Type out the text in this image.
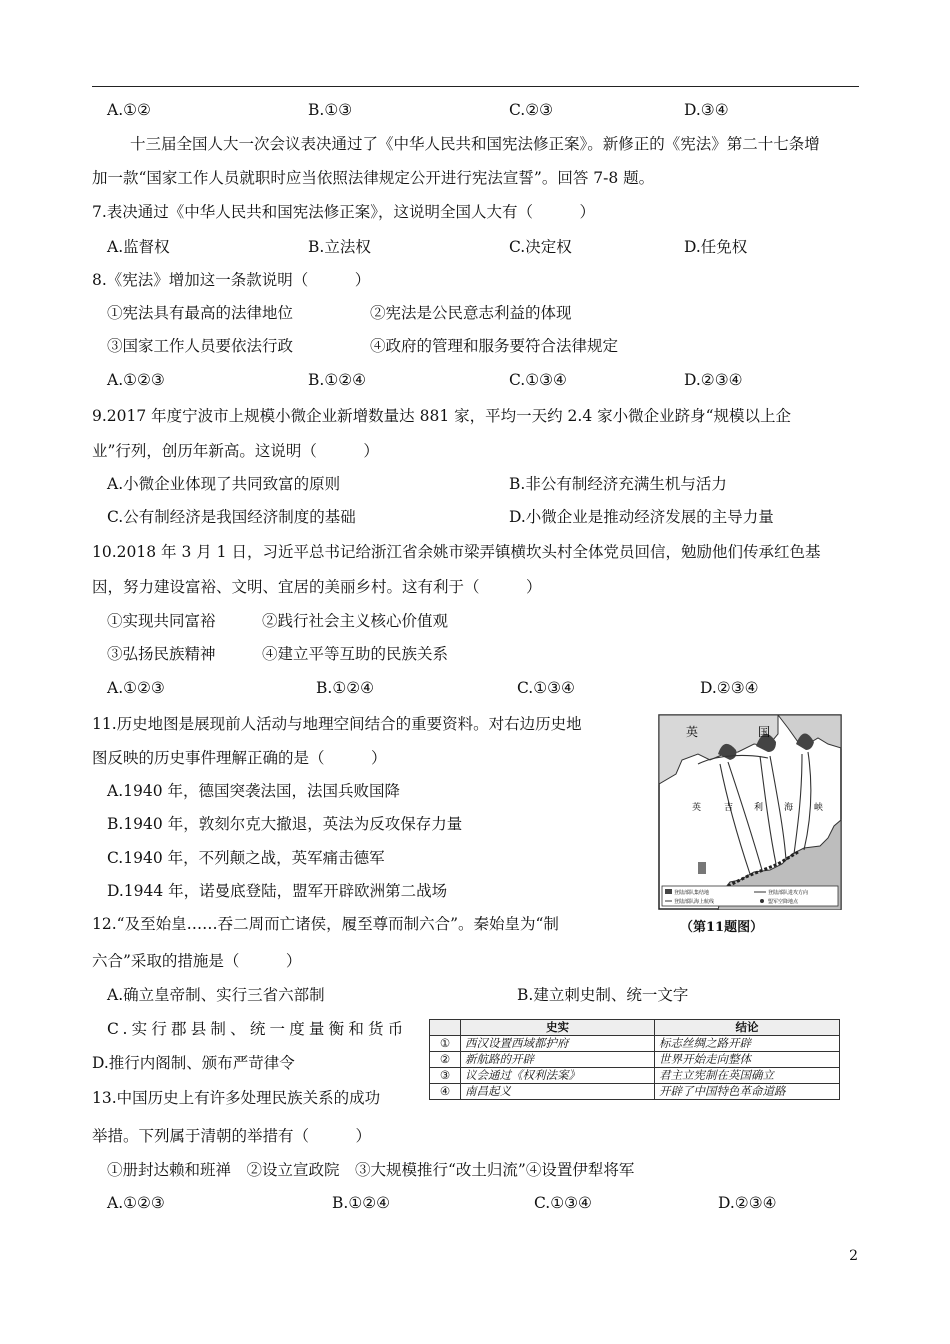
A.①②	B.①③	C.②③	D.③④
十三届全国人大一次会议表决通过了《中华人民共和国宪法修正案》。新修正的《宪法》第二十七条增
加一款“国家工作人员就职时应当依照法律规定公开进行宪法宣誓”。回答 7-8 题。
7.表决通过《中华人民共和国宪法修正案》，这说明全国人大有（　　　）
A.监督权	B.立法权	C.决定权	D.任免权
8.《宪法》增加这一条款说明（　　　）
①宪法具有最高的法律地位	②宪法是公民意志利益的体现
③国家工作人员要依法行政	④政府的管理和服务要符合法律规定
A.①②③	B.①②④	C.①③④	D.②③④
9.2017 年度宁波市上规模小微企业新增数量达 881 家，平均一天约 2.4 家小微企业跻身“规模以上企
业”行列，创历年新高。这说明（　　　）
A.小微企业体现了共同致富的原则	B.非公有制经济充满生机与活力
C.公有制经济是我国经济制度的基础	D.小微企业是推动经济发展的主导力量
10.2018 年 3 月 1 日，习近平总书记给浙江省余姚市梁弄镇横坎头村全体党员回信，勉励他们传承红色基
因，努力建设富裕、文明、宜居的美丽乡村。这有利于（　　　）
①实现共同富裕	②践行社会主义核心价值观
③弘扬民族精神	④建立平等互助的民族关系
A.①②③	B.①②④	C.①③④	D.②③④
11.历史地图是展现前人活动与地理空间结合的重要资料。对右边历史地
图反映的历史事件理解正确的是（　　　）
A.1940 年，德国突袭法国，法国兵败国降
B.1940 年，敦刻尔克大撤退，英法为反攻保存力量
C.1940 年，不列颠之战，英军痛击德军
D.1944 年，诺曼底登陆，盟军开辟欧洲第二战场
英	国
英	吉 利 海 峡
登陆部队集结地	登陆部队进攻方向
登陆部队海上航线	盟军空降地点
（第11题图）
12.“及至始皇……吞二周而亡诸侯，履至尊而制六合”。秦始皇为“制
六合”采取的措施是（　　　）
A.确立皇帝制、实行三省六部制	B.建立刺史制、统一文字
C.实行郡县制、统一度量衡和货币
D.推行内阁制、颁布严苛律令
	史实	结论
①	西汉设置西域都护府	标志丝绸之路开辟
②	新航路的开辟	世界开始走向整体
③	议会通过《权利法案》	君主立宪制在英国确立
④	南昌起义	开辟了中国特色革命道路
13.中国历史上有许多处理民族关系的成功
举措。下列属于清朝的举措有（　　　）
①册封达赖和班禅　②设立宣政院　③大规模推行“改土归流”④设置伊犁将军
A.①②③	B.①②④	C.①③④	D.②③④
2
